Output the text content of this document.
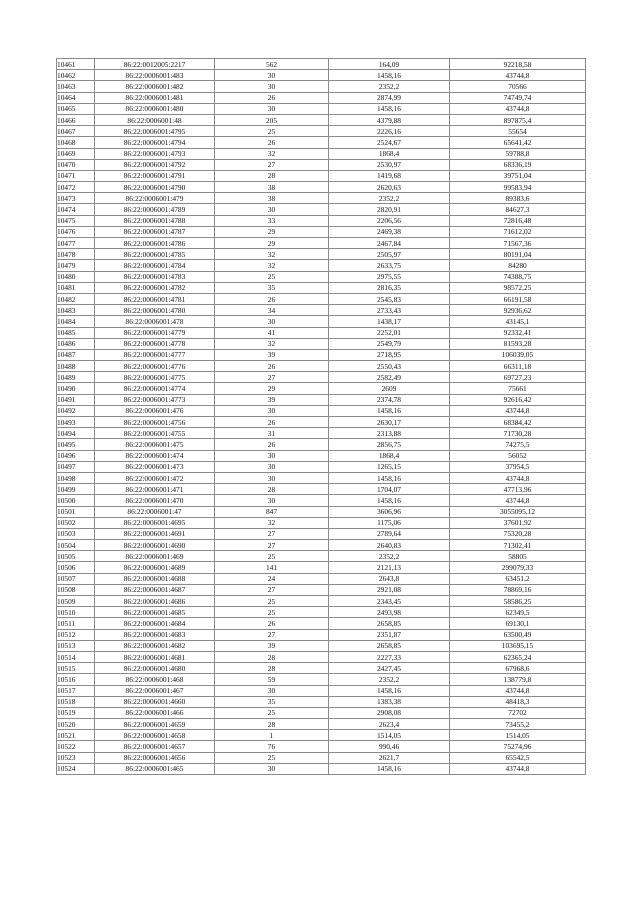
10461	86:22:0012005:2217	562	164,09	92218,58
10462	86:22:0006001:483	30	1458,16	43744,8
10463	86:22:0006001:482	30	2352,2	70566
10464	86:22:0006001:481	26	2874,99	74749,74
10465	86:22:0006001:480	30	1458,16	43744,8
10466	86:22:0006001:48	205	4379,88	897875,4
10467	86:22:0006001:4795	25	2226,16	55654
10468	86:22:0006001:4794	26	2524,67	65641,42
10469	86:22:0006001:4793	32	1868,4	59788,8
10470	86:22:0006001:4792	27	2530,97	68336,19
10471	86:22:0006001:4791	28	1419,68	39751,04
10472	86:22:0006001:4790	38	2620,63	99583,94
10473	86:22:0006001:479	38	2352,2	89383,6
10474	86:22:0006001:4789	30	2820,91	84627,3
10475	86:22:0006001:4788	33	2206,56	72816,48
10476	86:22:0006001:4787	29	2469,38	71612,02
10477	86:22:0006001:4786	29	2467,84	71567,36
10478	86:22:0006001:4785	32	2505,97	80191,04
10479	86:22:0006001:4784	32	2633,75	84280
10480	86:22:0006001:4783	25	2975,55	74388,75
10481	86:22:0006001:4782	35	2816,35	98572,25
10482	86:22:0006001:4781	26	2545,83	66191,58
10483	86:22:0006001:4780	34	2733,43	92936,62
10484	86:22:0006001:478	30	1438,17	43145,1
10485	86:22:0006001:4779	41	2252,01	92332,41
10486	86:22:0006001:4778	32	2549,79	81593,28
10487	86:22:0006001:4777	39	2718,95	106039,05
10488	86:22:0006001:4776	26	2550,43	66311,18
10489	86:22:0006001:4775	27	2582,49	69727,23
10490	86:22:0006001:4774	29	2609	75661
10491	86:22:0006001:4773	39	2374,78	92616,42
10492	86:22:0006001:476	30	1458,16	43744,8
10493	86:22:0006001:4756	26	2630,17	68384,42
10494	86:22:0006001:4755	31	2313,88	71730,28
10495	86:22:0006001:475	26	2856,75	74275,5
10496	86:22:0006001:474	30	1868,4	56052
10497	86:22:0006001:473	30	1265,15	37954,5
10498	86:22:0006001:472	30	1458,16	43744,8
10499	86:22:0006001:471	28	1704,07	47713,96
10500	86:22:0006001:470	30	1458,16	43744,8
10501	86:22:0006001:47	847	3606,96	3055095,12
10502	86:22:0006001:4695	32	1175,06	37601,92
10503	86:22:0006001:4691	27	2789,64	75320,28
10504	86:22:0006001:4690	27	2640,83	71302,41
10505	86:22:0006001:469	25	2352,2	58805
10506	86:22:0006001:4689	141	2121,13	299079,33
10507	86:22:0006001:4688	24	2643,8	63451,2
10508	86:22:0006001:4687	27	2921,08	78869,16
10509	86:22:0006001:4686	25	2343,45	58586,25
10510	86:22:0006001:4685	25	2493,98	62349,5
10511	86:22:0006001:4684	26	2658,85	69130,1
10512	86:22:0006001:4683	27	2351,87	63500,49
10513	86:22:0006001:4682	39	2658,85	103695,15
10514	86:22:0006001:4681	28	2227,33	62365,24
10515	86:22:0006001:4680	28	2427,45	67968,6
10516	86:22:0006001:468	59	2352,2	138779,8
10517	86:22:0006001:467	30	1458,16	43744,8
10518	86:22:0006001:4660	35	1383,38	48418,3
10519	86:22:0006001:466	25	2908,08	72702
10520	86:22:0006001:4659	28	2623,4	73455,2
10521	86:22:0006001:4658	1	1514,05	1514,05
10522	86:22:0006001:4657	76	990,46	75274,96
10523	86:22:0006001:4656	25	2621,7	65542,5
10524	86:22:0006001:465	30	1458,16	43744,8
